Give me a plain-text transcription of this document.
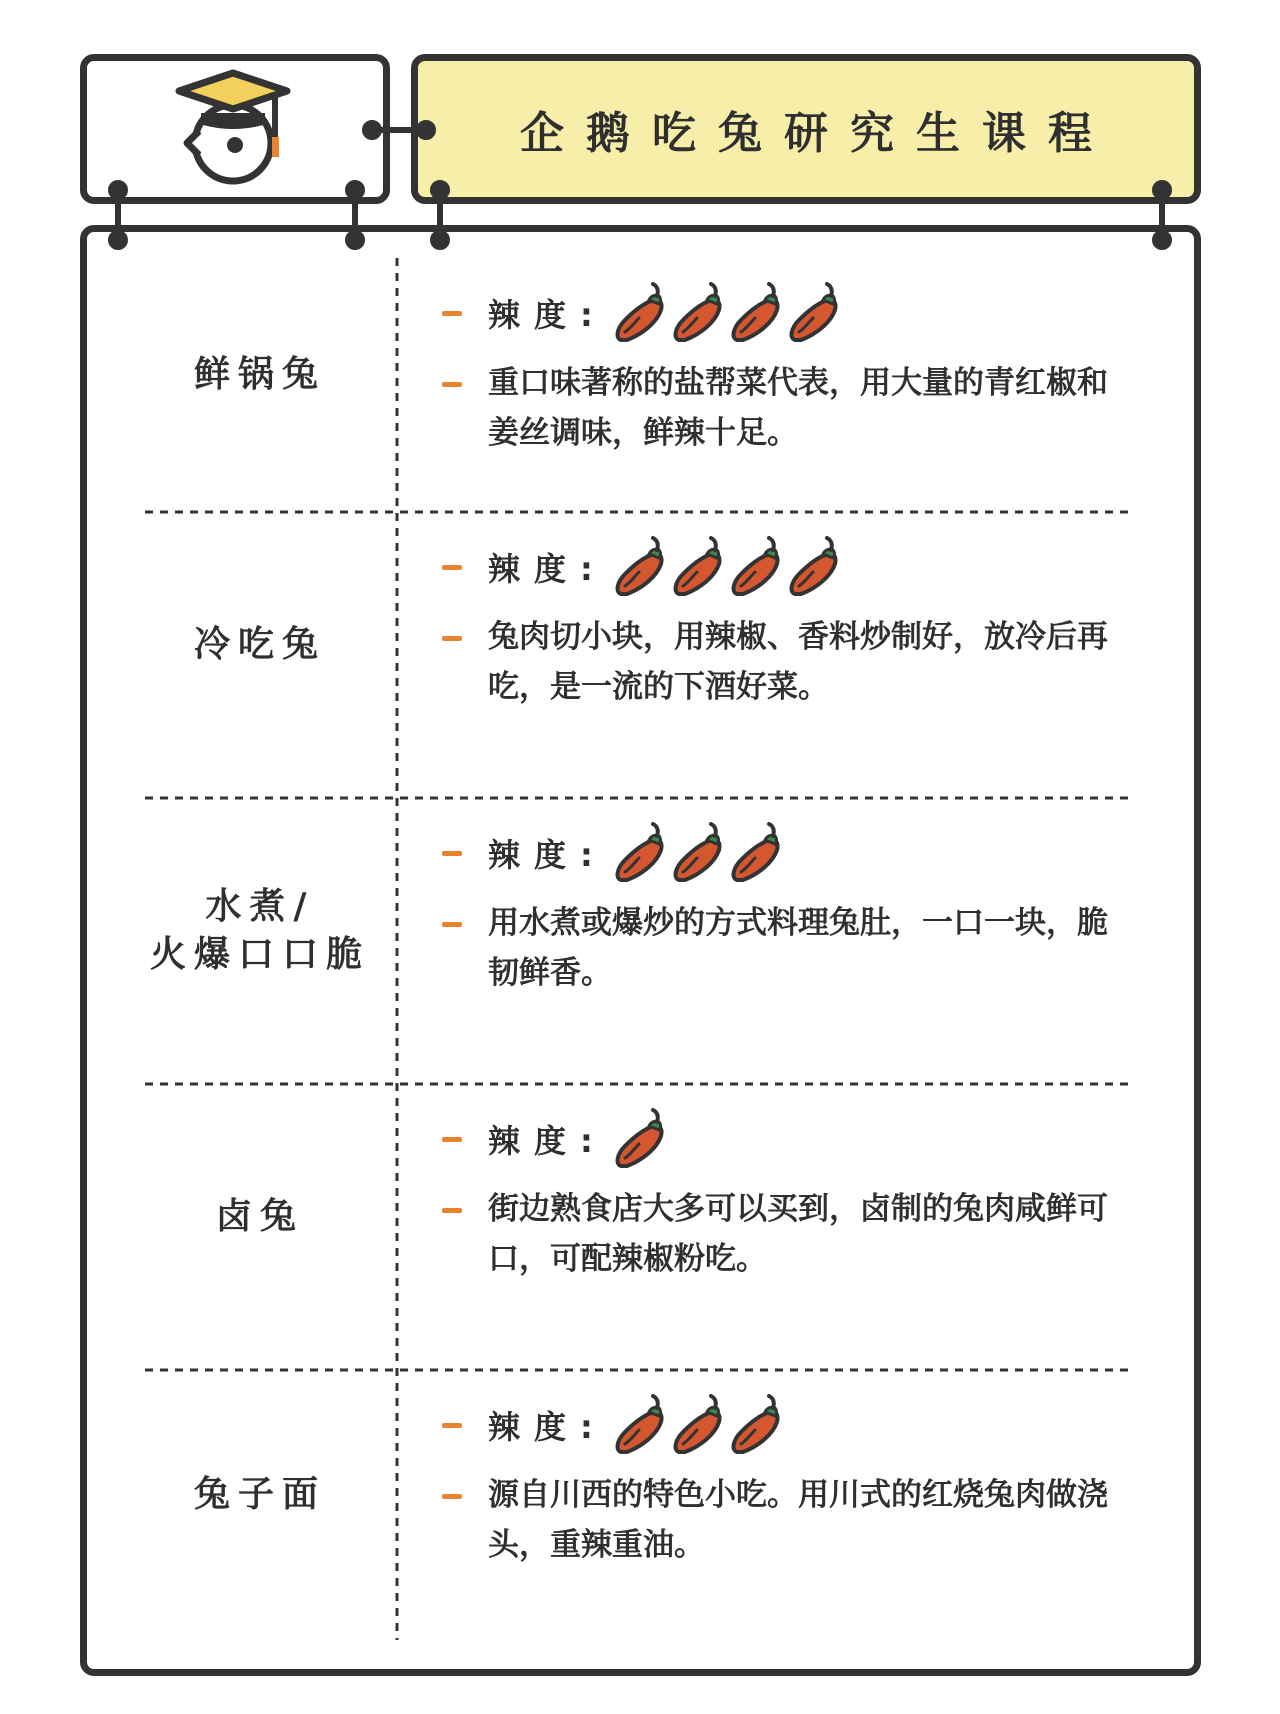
企鹅吃兔研究生课程
鲜锅兔
辣度:
重口味著称的盐帮菜代表，用大量的青红椒和姜丝调味，鲜辣十足。
冷吃兔
辣度:
兔肉切小块，用辣椒、香料炒制好，放冷后再吃，是一流的下酒好菜。
水煮/
火爆口口脆
辣度:
用水煮或爆炒的方式料理兔肚，一口一块，脆韧鲜香。
卤兔
辣度:
街边熟食店大多可以买到，卤制的兔肉咸鲜可口，可配辣椒粉吃。
兔子面
辣度:
源自川西的特色小吃。用川式的红烧兔肉做浇头，重辣重油。
